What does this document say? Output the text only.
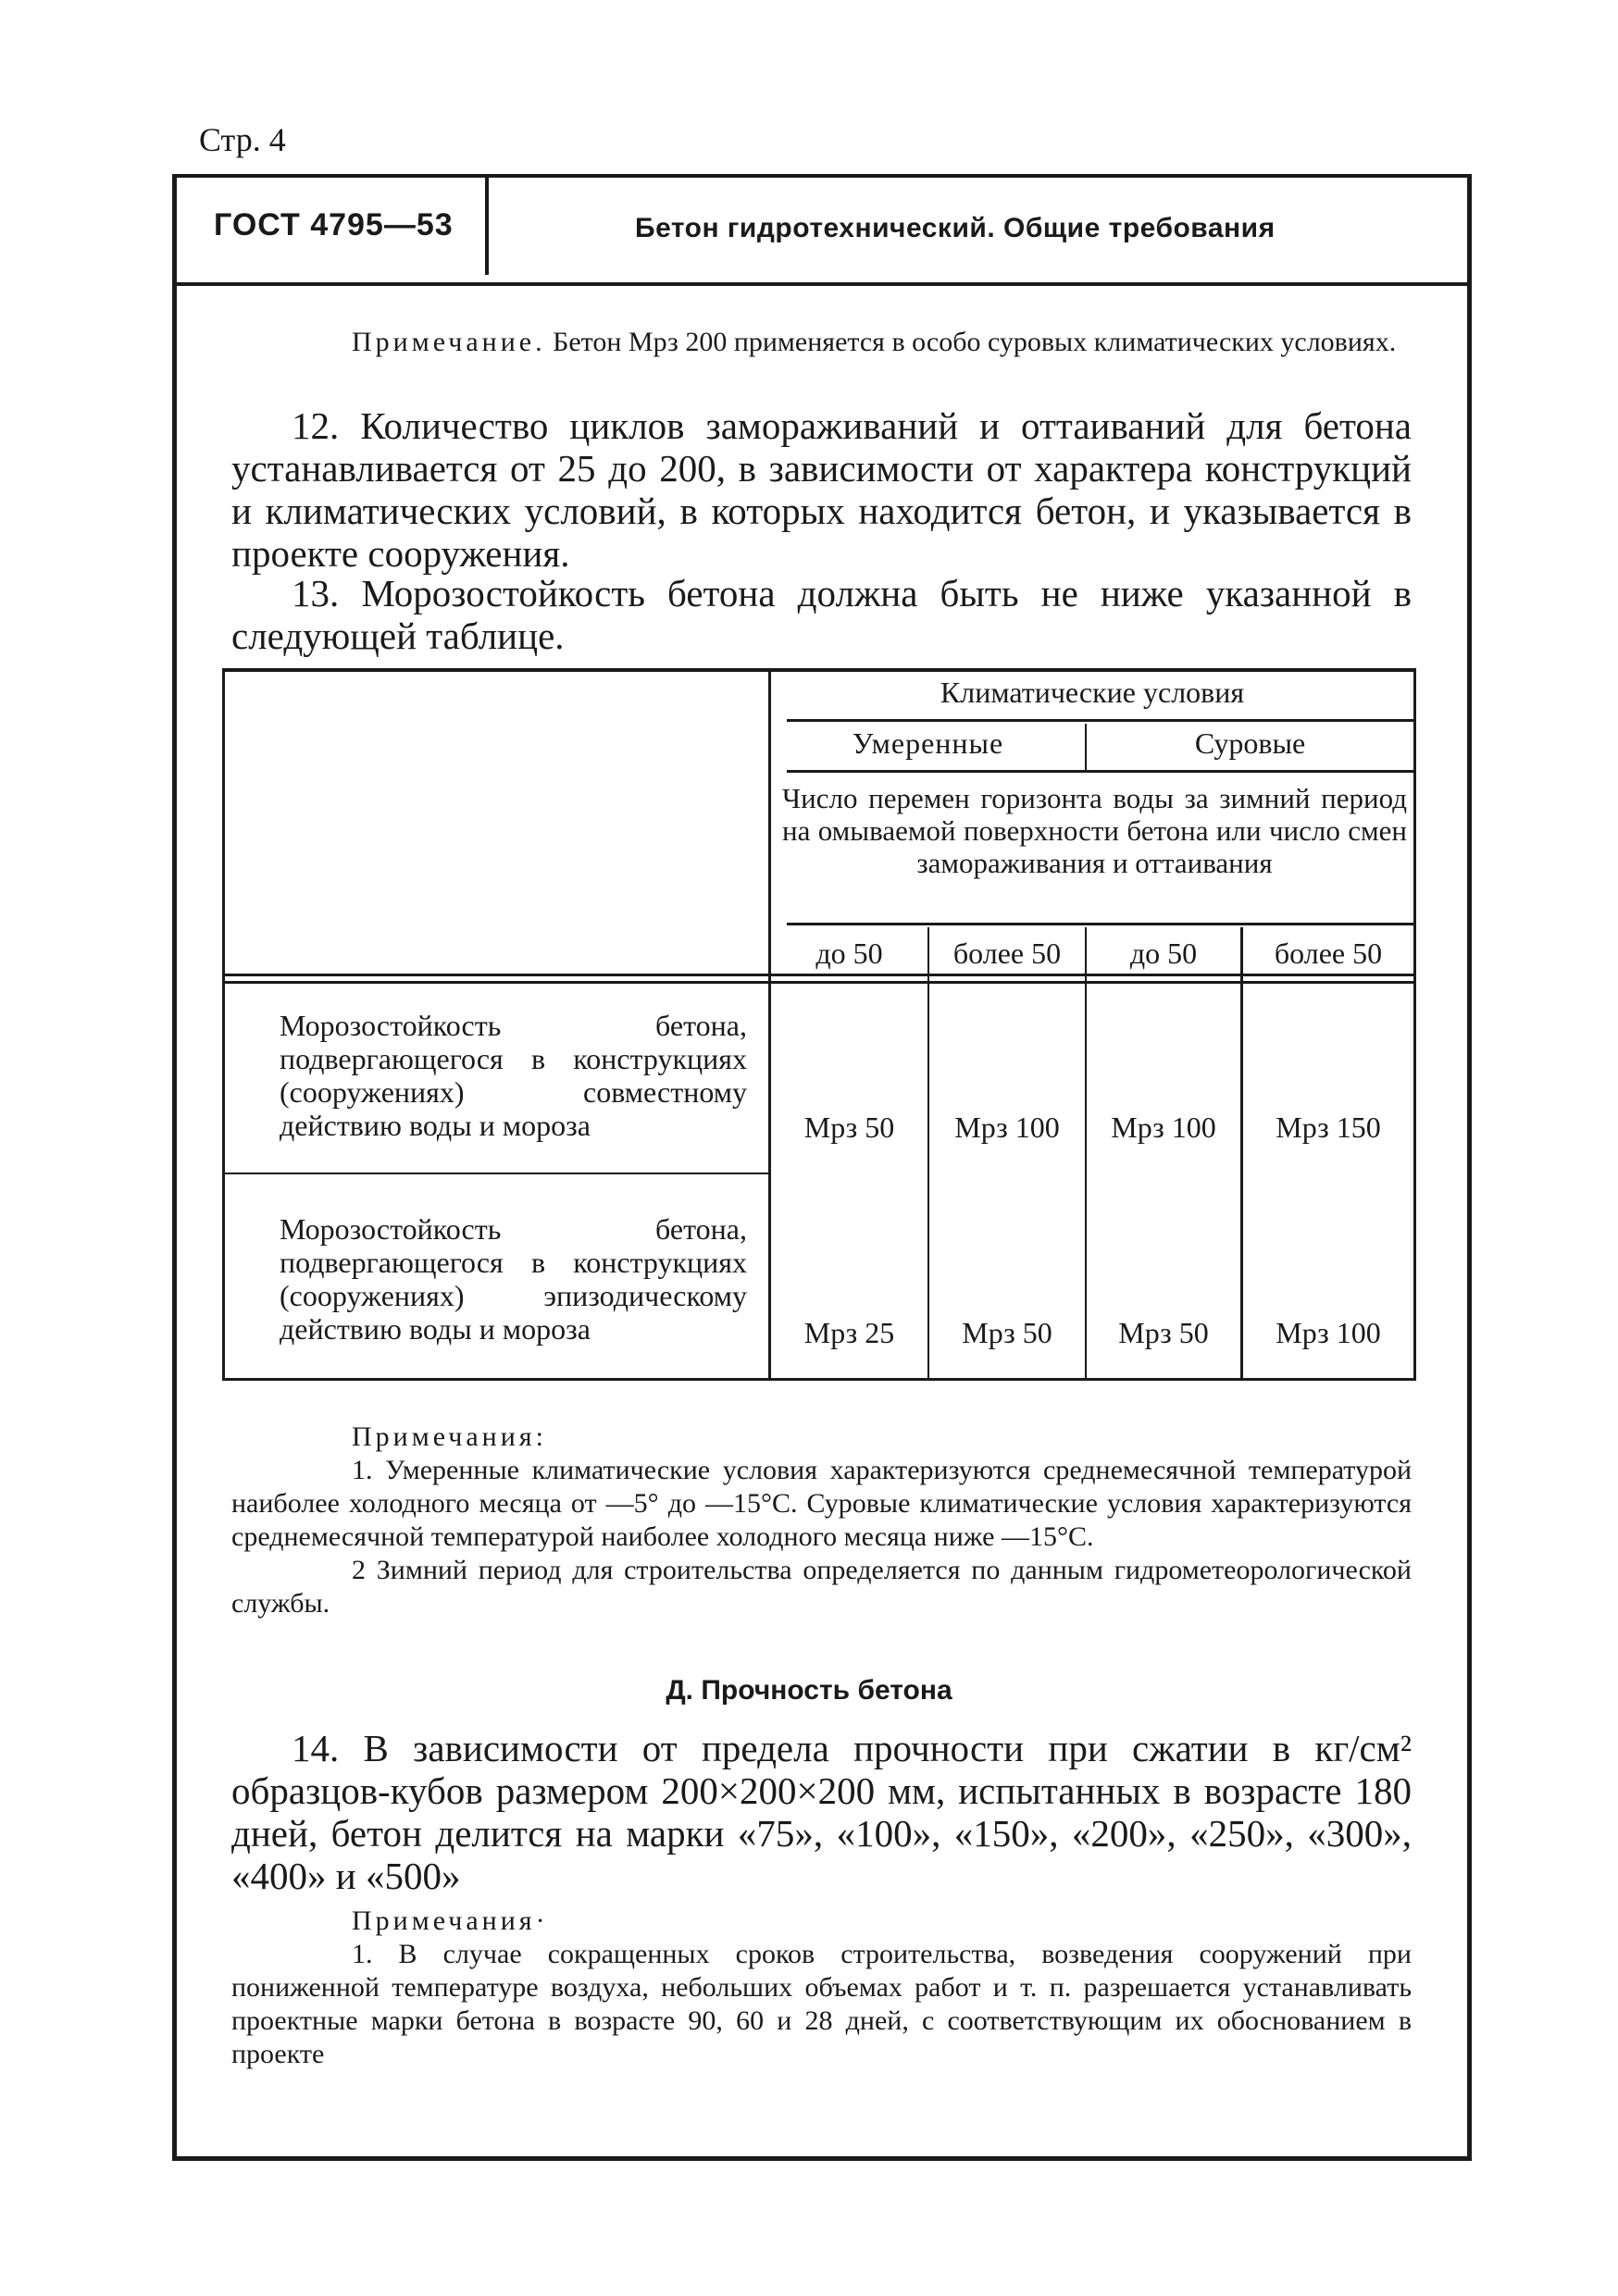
Стр. 4
ГОСТ 4795—53	Бетон гидротехнический. Общие требования
Примечание. Бетон Мрз 200 применяется в особо суровых климатических условиях.
12. Количество циклов замораживаний и оттаиваний для бетона устанавливается от 25 до 200, в зависимости от характера конструкций и климатических условий, в которых находится бетон, и указывается в проекте сооружения.
13. Морозостойкость бетона должна быть не ниже указанной в следующей таблице.
Климатические условия
Умеренные	Суровые
Число перемен горизонта воды за зимний период на омываемой поверхности бетона или число смен замораживания и оттаивания
до 50	более 50	до 50	более 50
Морозостойкость бетона, подвергающегося в конструкциях (сооружениях) совместному действию воды и мороза	Мрз 50	Мрз 100	Мрз 100	Мрз 150
Морозостойкость бетона, подвергающегося в конструкциях (сооружениях) эпизодическому действию воды и мороза	Мрз 25	Мрз 50	Мрз 50	Мрз 100
Примечания:
1. Умеренные климатические условия характеризуются среднемесячной температурой наиболее холодного месяца от —5° до —15°С. Суровые климатические условия характеризуются среднемесячной температурой наиболее холодного месяца ниже —15°С.
2 Зимний период для строительства определяется по данным гидрометеорологической службы.
Д. Прочность бетона
14. В зависимости от предела прочности при сжатии в кг/см² образцов-кубов размером 200×200×200 мм, испытанных в возрасте 180 дней, бетон делится на марки «75», «100», «150», «200», «250», «300», «400» и «500»
Примечания·
1. В случае сокращенных сроков строительства, возведения сооружений при пониженной температуре воздуха, небольших объемах работ и т. п. разрешается устанавливать проектные марки бетона в возрасте 90, 60 и 28 дней, с соответствующим их обоснованием в проекте
